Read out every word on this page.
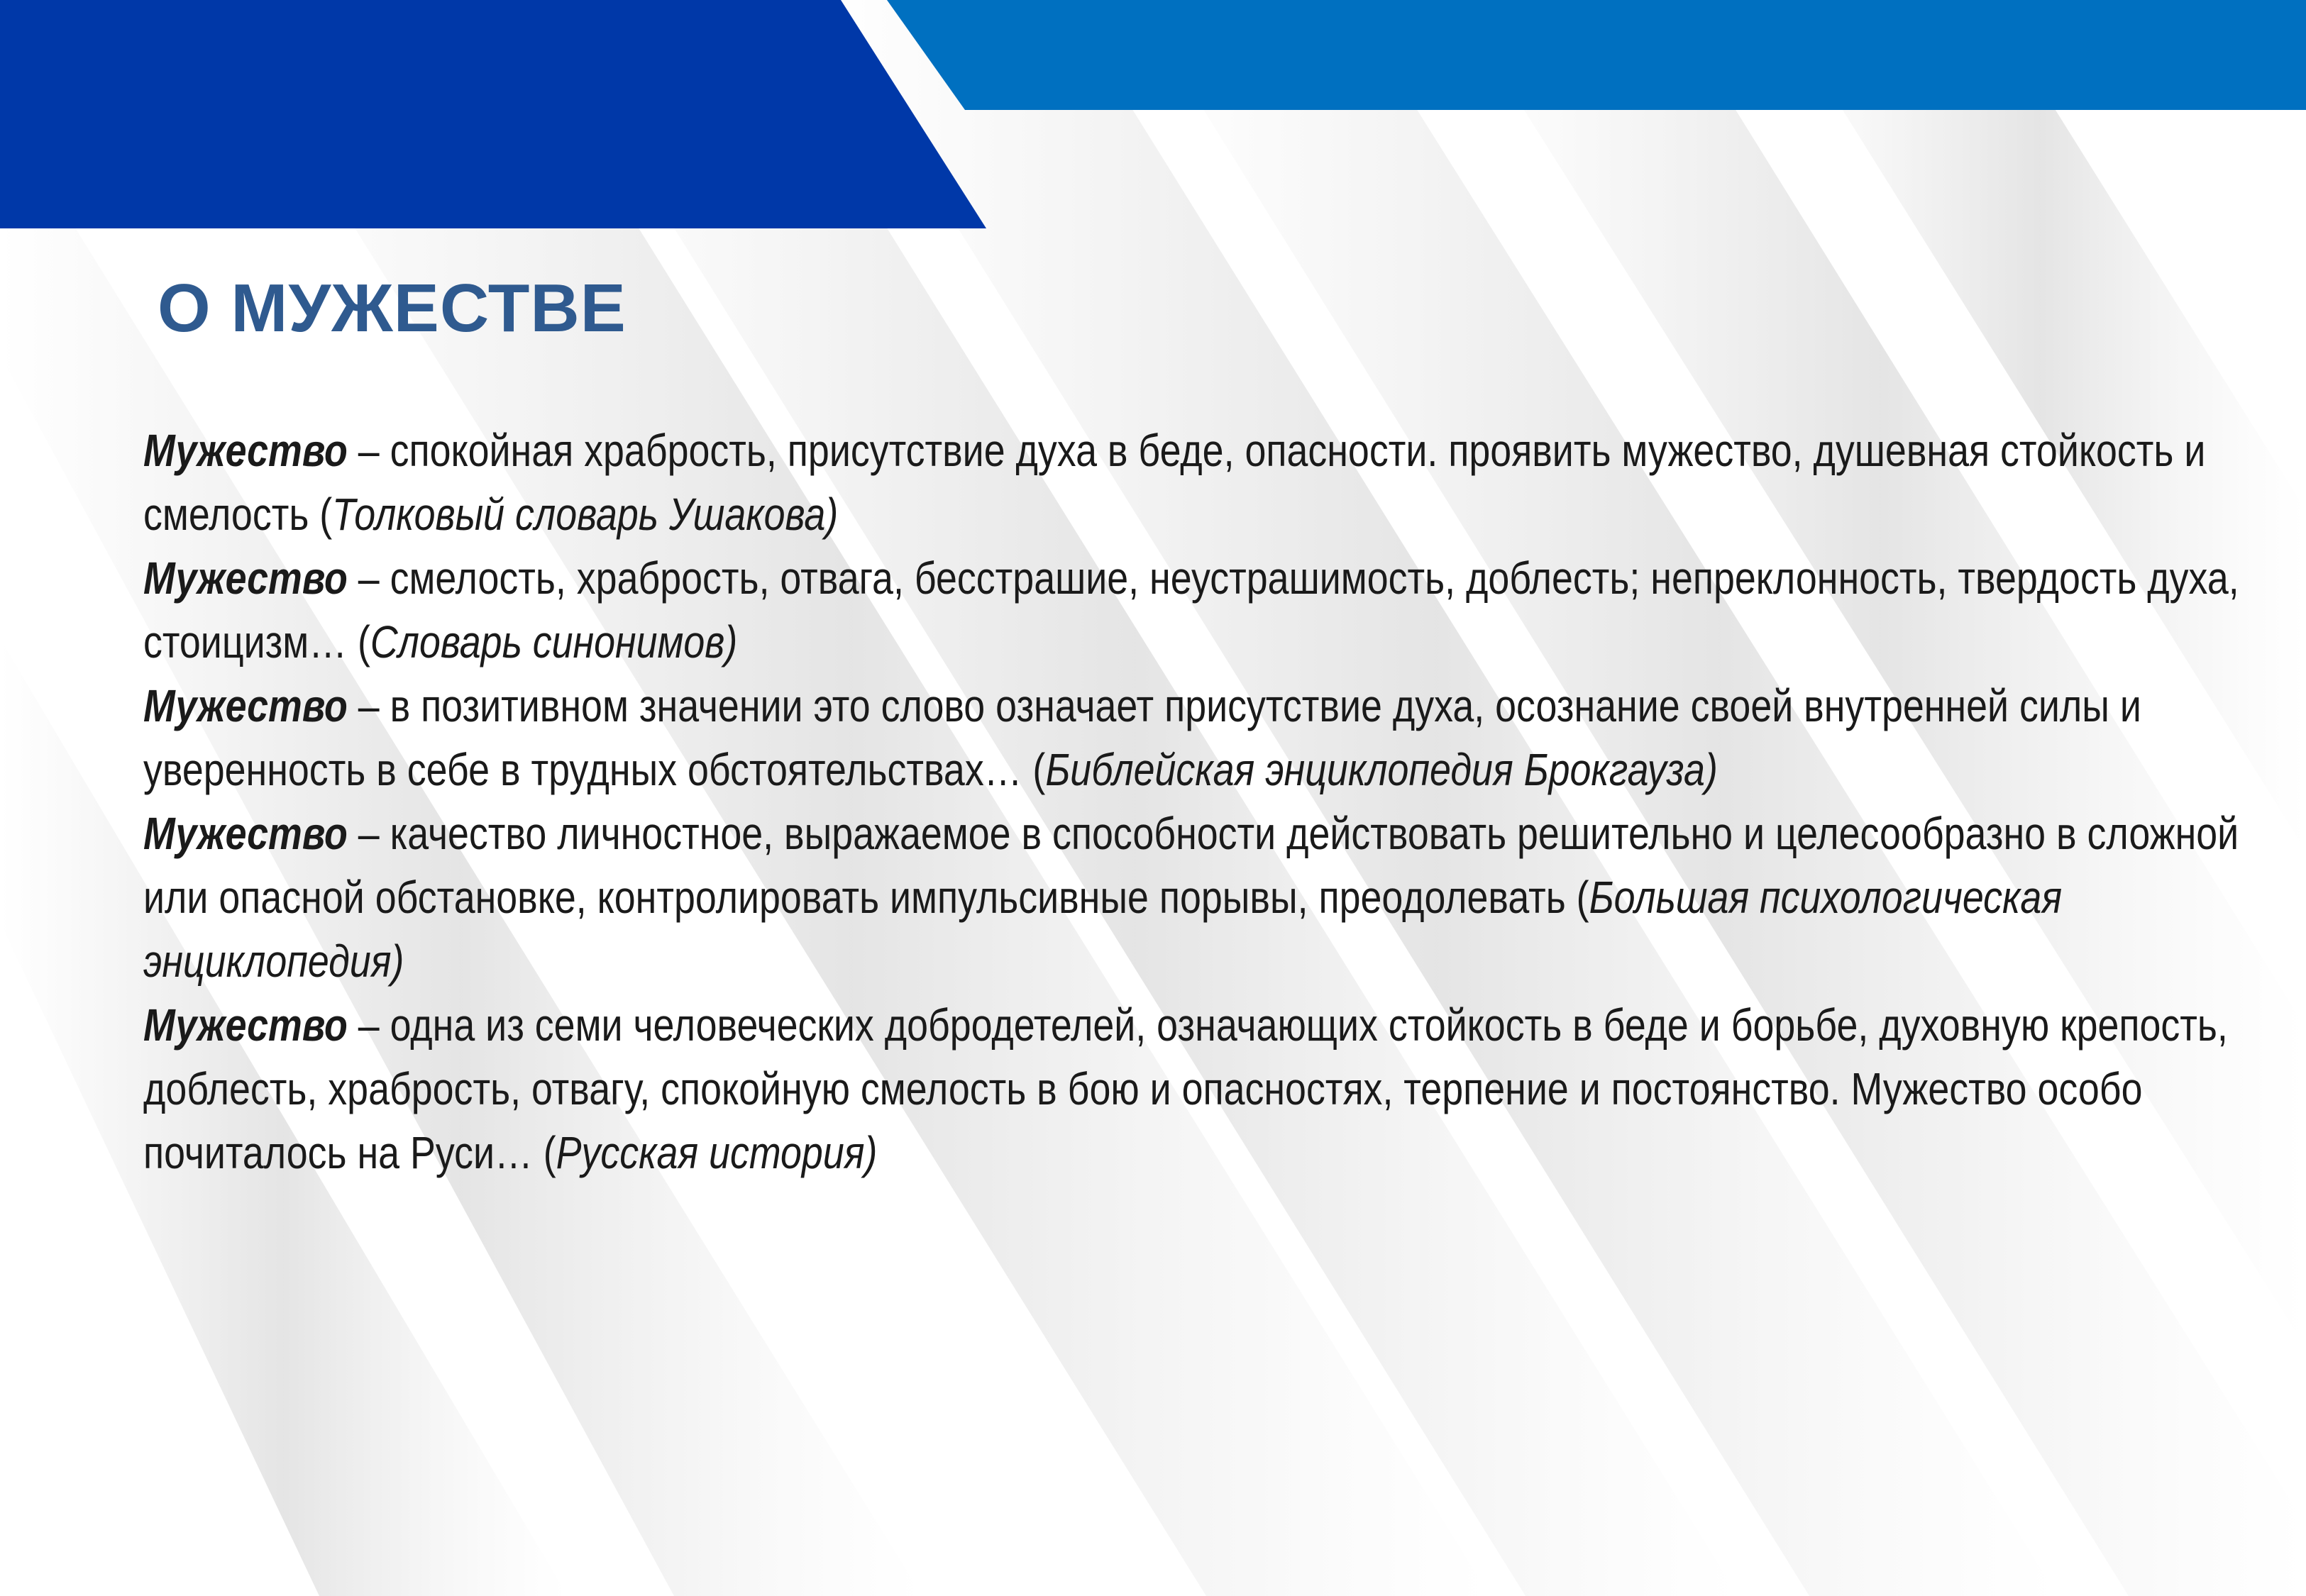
О МУЖЕСТВЕ

Мужество – спокойная храбрость, присутствие духа в беде, опасности. проявить мужество, душевная стойкость и смелость (Толковый словарь Ушакова)

Мужество – смелость, храбрость, отвага, бесстрашие, неустрашимость, доблесть; непреклонность, твердость духа, стоицизм… (Словарь синонимов)

Мужество – в позитивном значении это слово означает присутствие духа, осознание своей внутренней силы и уверенность в себе в трудных обстоятельствах… (Библейская энциклопедия Брокгауза)

Мужество – качество личностное, выражаемое в способности действовать решительно и целесообразно в сложной или опасной обстановке, контролировать импульсивные порывы, преодолевать (Большая психологическая энциклопедия)

Мужество – одна из семи человеческих добродетелей, означающих стойкость в беде и борьбе, духовную крепость, доблесть, храбрость, отвагу, спокойную смелость в бою и опасностях, терпение и постоянство. Мужество особо почиталось на Руси… (Русская история)
